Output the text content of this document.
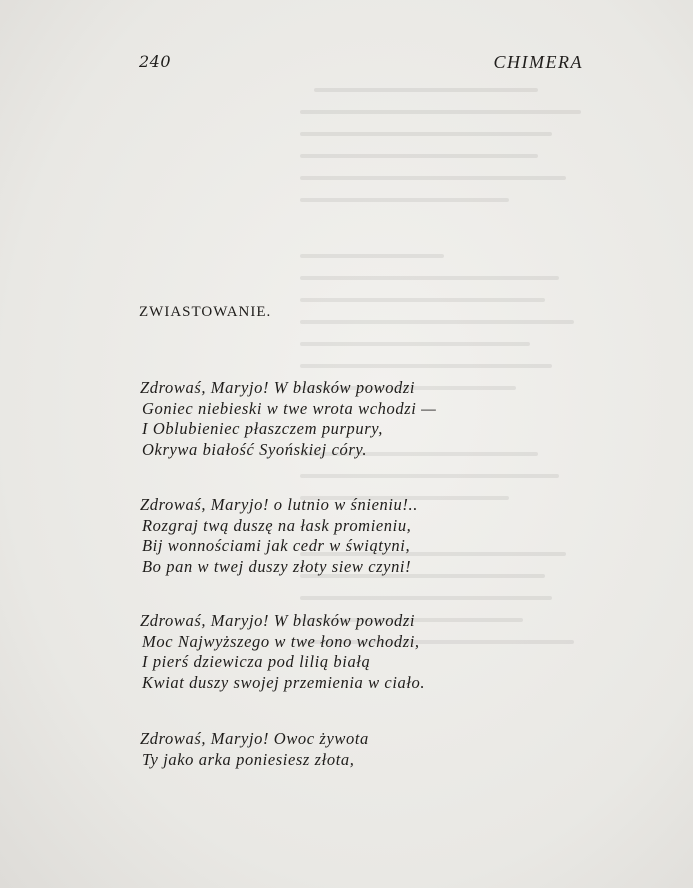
240	CHIMERA
ZWIASTOWANIE.
Zdrowaś, Maryjo! W blasków powodzi
Goniec niebieski w twe wrota wchodzi —
I Oblubieniec płaszczem purpury,
Okrywa białość Syońskiej córy.
Zdrowaś, Maryjo! o lutnio w śnieniu!..
Rozgraj twą duszę na łask promieniu,
Bij wonnościami jak cedr w świątyni,
Bo pan w twej duszy złoty siew czyni!
Zdrowaś, Maryjo! W blasków powodzi
Moc Najwyższego w twe łono wchodzi,
I pierś dziewicza pod lilią białą
Kwiat duszy swojej przemienia w ciało.
Zdrowaś, Maryjo! Owoc żywota
Ty jako arka poniesiesz złota,
